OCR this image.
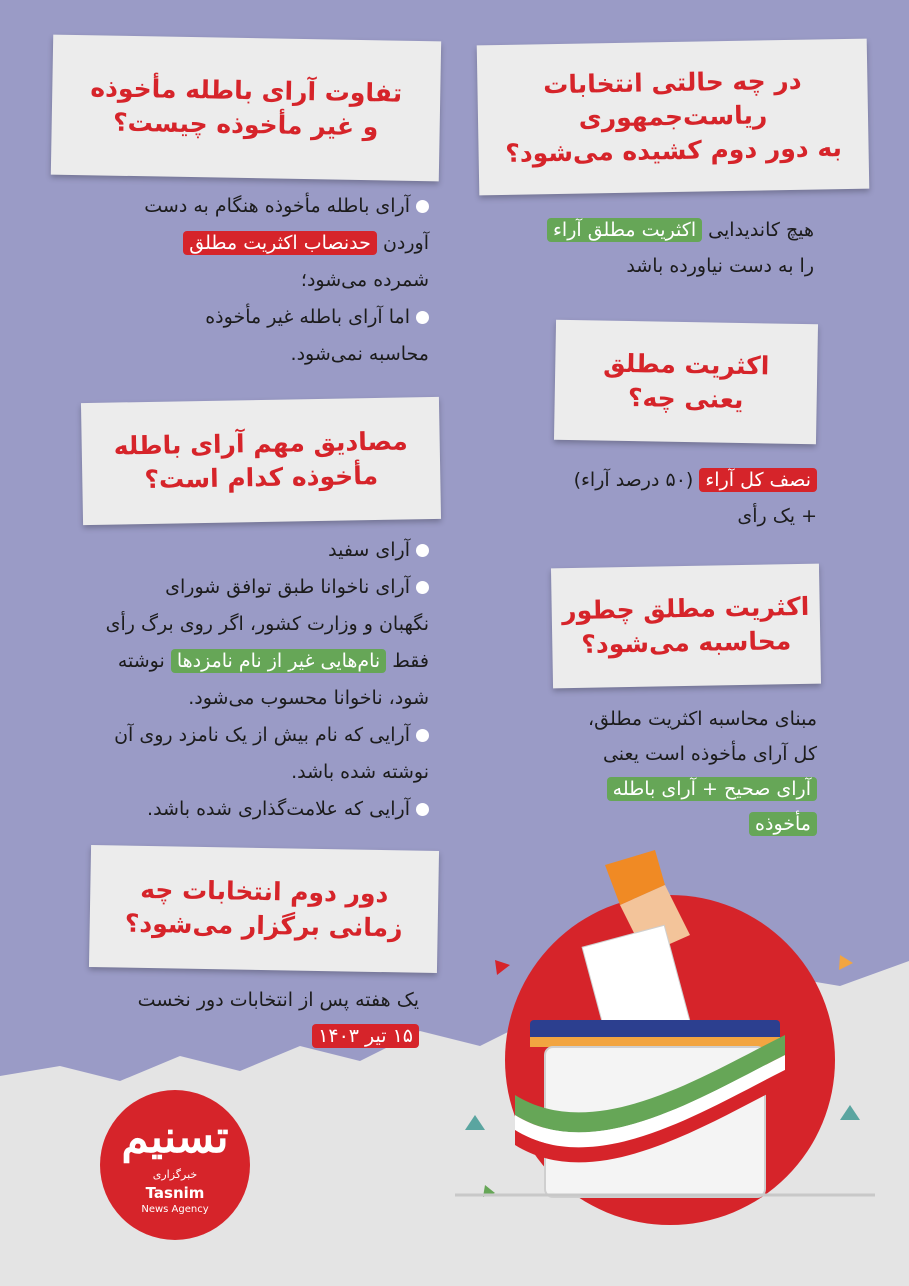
در چه حالتی انتخابات
ریاست‌جمهوری
به دور دوم کشیده می‌شود؟
هیچ کاندیدایی اکثریت مطلق آراء
را به دست نیاورده باشد
اکثریت مطلق
یعنی چه؟
نصف کل آراء (۵۰ درصد آراء)
+ یک رأی
اکثریت مطلق چطور
محاسبه می‌شود؟
مبنای محاسبه اکثریت مطلق،
کل آرای مأخوذه است یعنی
آرای صحیح + آرای باطله
مأخوذه
تفاوت آرای باطله مأخوذه
و غیر مأخوذه چیست؟
آرای باطله مأخوذه هنگام به دست
آوردن حدنصاب اکثریت مطلق
شمرده می‌شود؛
اما آرای باطله غیر مأخوذه
محاسبه نمی‌شود.
مصادیق مهم آرای باطله
مأخوذه کدام است؟
آرای سفید
آرای ناخوانا طبق توافق شورای
نگهبان و وزارت کشور، اگر روی برگ رأی
فقط نام‌هایی غیر از نام نامزدها نوشته
شود، ناخوانا محسوب می‌شود.
آرایی که نام بیش از یک نامزد روی آن
نوشته شده باشد.
آرایی که علامت‌گذاری شده باشد.
دور دوم انتخابات چه
زمانی برگزار می‌شود؟
یک هفته پس از انتخابات دور نخست
۱۵ تیر ۱۴۰۳
تسنیم
خبرگزاری
Tasnim
News Agency
